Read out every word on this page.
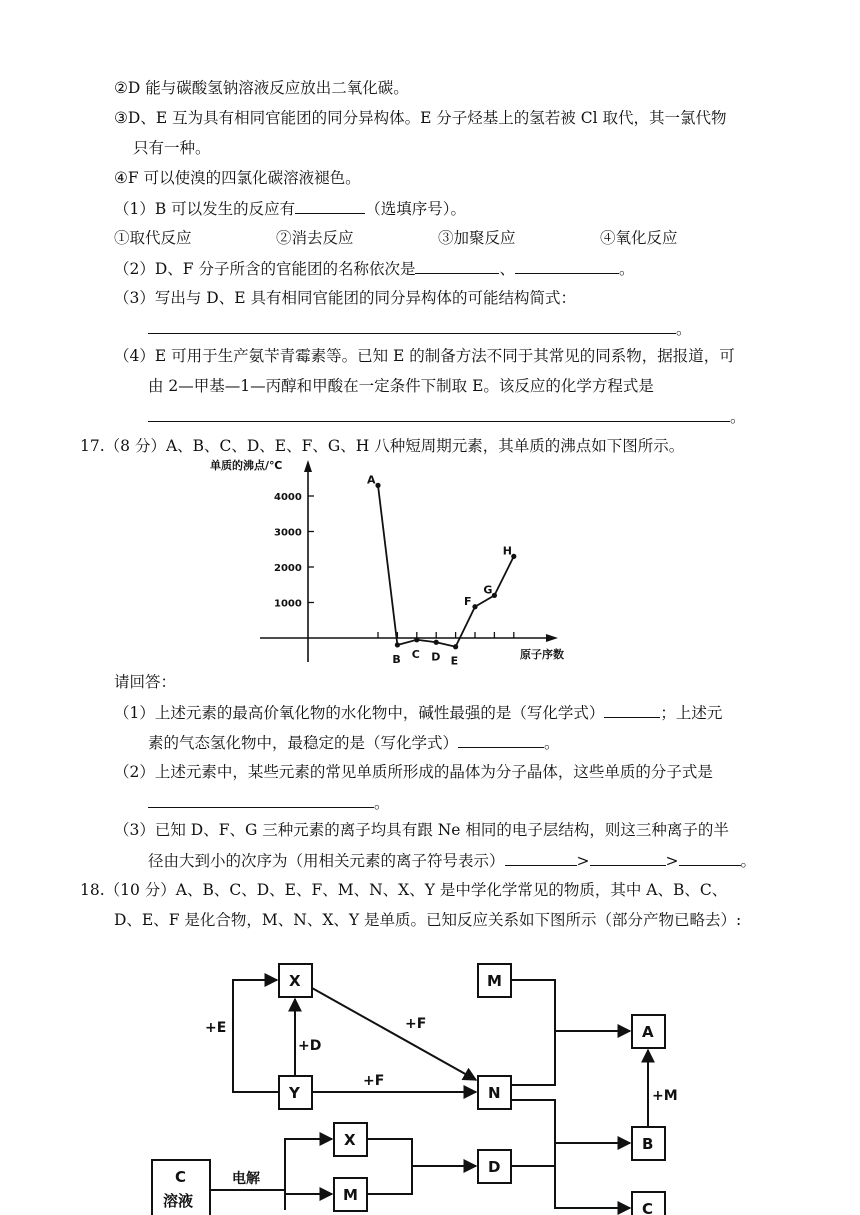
②D 能与碳酸氢钠溶液反应放出二氧化碳。
③D、E 互为具有相同官能团的同分异构体。E 分子烃基上的氢若被 Cl 取代，其一氯代物
只有一种。
④F 可以使溴的四氯化碳溶液褪色。
（1）B 可以发生的反应有	（选填序号）。
①取代反应	②消去反应	③加聚反应	④氧化反应
（2）D、F 分子所含的官能团的名称依次是	、	。
（3）写出与 D、E 具有相同官能团的同分异构体的可能结构简式：
。
（4）E 可用于生产氨苄青霉素等。已知 E 的制备方法不同于其常见的同系物，据报道，可
由 2—甲基—1—丙醇和甲酸在一定条件下制取 E。该反应的化学方程式是
。
17.（8 分）A、B、C、D、E、F、G、H 八种短周期元素，其单质的沸点如下图所示。
单质的沸点/℃
原子序数
1000
2000
3000
4000
A
B C D E
F
G
H
请回答：
（1）上述元素的最高价氧化物的水化物中，碱性最强的是（写化学式）	；上述元
素的气态氢化物中，最稳定的是（写化学式）	。
（2）上述元素中，某些元素的常见单质所形成的晶体为分子晶体，这些单质的分子式是
。
（3）已知 D、F、G 三种元素的离子均具有跟 Ne 相同的电子层结构，则这三种离子的半
径由大到小的次序为（用相关元素的离子符号表示）	>	>	。
18.（10 分）A、B、C、D、E、F、M、N、X、Y 是中学化学常见的物质，其中 A、B、C、
D、E、F 是化合物，M、N、X、Y 是单质。已知反应关系如下图所示（部分产物已略去）:
X
Y	N
M
A
B
X
M
D
C
C
溶液
+E
+D
+F
+F
+M
电解
